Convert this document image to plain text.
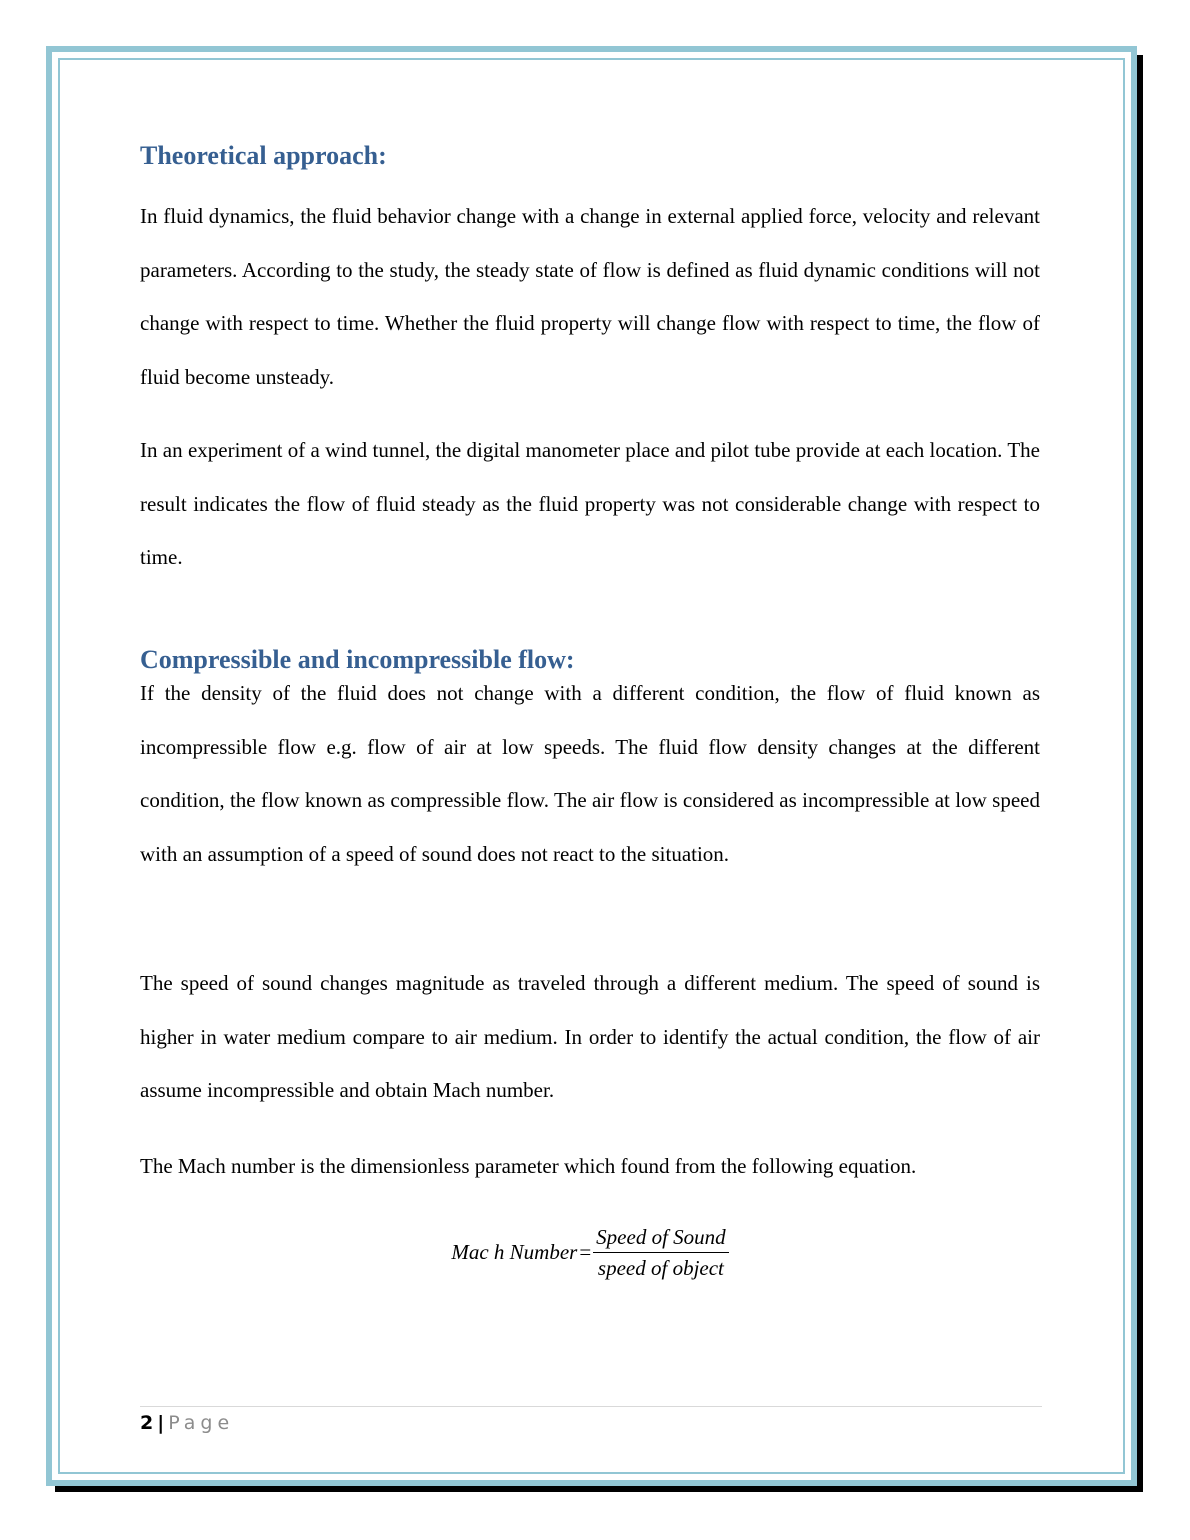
Theoretical approach:

In fluid dynamics, the fluid behavior change with a change in external applied force, velocity and relevant parameters. According to the study, the steady state of flow is defined as fluid dynamic conditions will not change with respect to time. Whether the fluid property will change flow with respect to time, the flow of fluid become unsteady.

In an experiment of a wind tunnel, the digital manometer place and pilot tube provide at each location. The result indicates the flow of fluid steady as the fluid property was not considerable change with respect to time.

Compressible and incompressible flow:

If the density of the fluid does not change with a different condition, the flow of fluid known as incompressible flow e.g. flow of air at low speeds. The fluid flow density changes at the different condition, the flow known as compressible flow. The air flow is considered as incompressible at low speed with an assumption of a speed of sound does not react to the situation.

The speed of sound changes magnitude as traveled through a different medium. The speed of sound is higher in water medium compare to air medium. In order to identify the actual condition, the flow of air assume incompressible and obtain Mach number.

The Mach number is the dimensionless parameter which found from the following equation.

Mac h Number = $\frac{\text{Speed of Sound}}{\text{speed of object}}$
2 | Page
